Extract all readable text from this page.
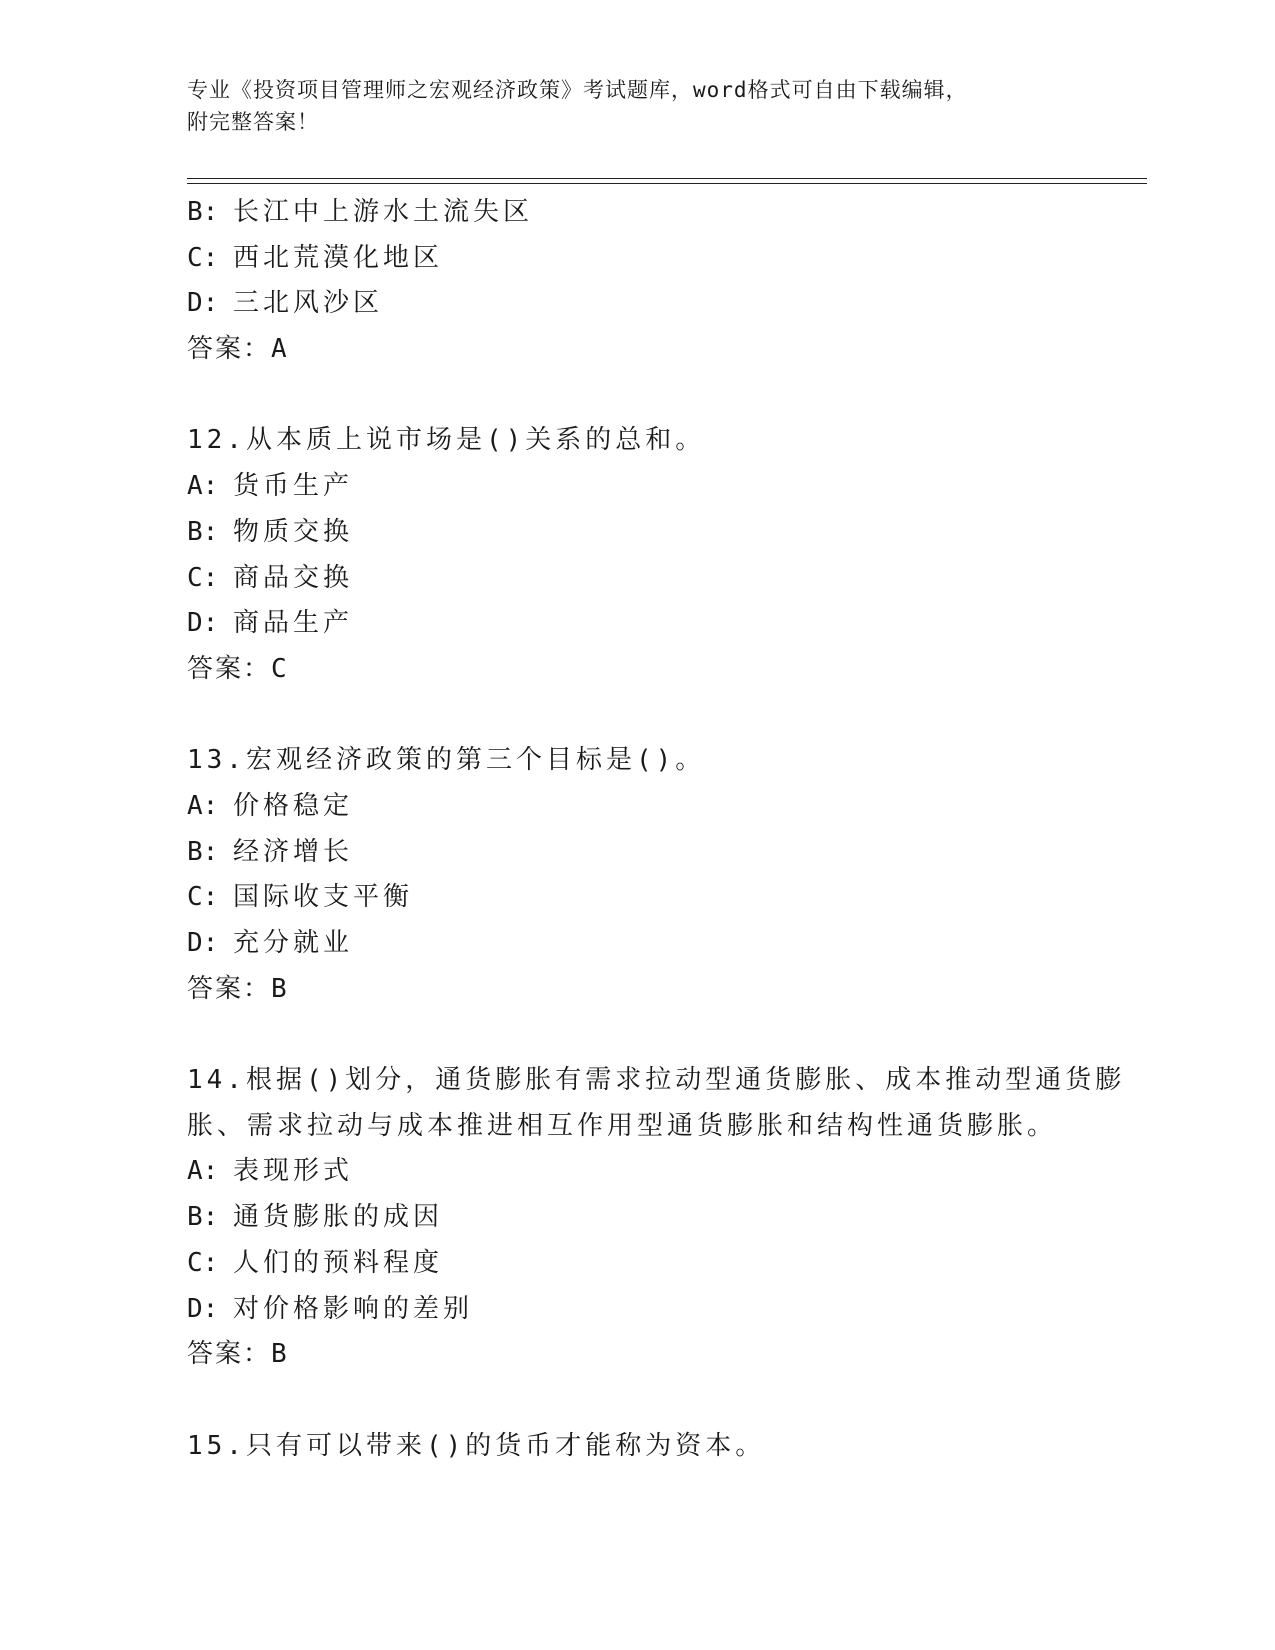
专业《投资项目管理师之宏观经济政策》考试题库，word格式可自由下载编辑，
附完整答案！
B: 长江中上游水土流失区
C: 西北荒漠化地区
D: 三北风沙区
答案：A
12.从本质上说市场是()关系的总和。
A: 货币生产
B: 物质交换
C: 商品交换
D: 商品生产
答案：C
13.宏观经济政策的第三个目标是()。
A: 价格稳定
B: 经济增长
C: 国际收支平衡
D: 充分就业
答案：B
14.根据()划分，通货膨胀有需求拉动型通货膨胀、成本推动型通货膨
胀、需求拉动与成本推进相互作用型通货膨胀和结构性通货膨胀。
A: 表现形式
B: 通货膨胀的成因
C: 人们的预料程度
D: 对价格影响的差别
答案：B
15.只有可以带来()的货币才能称为资本。
